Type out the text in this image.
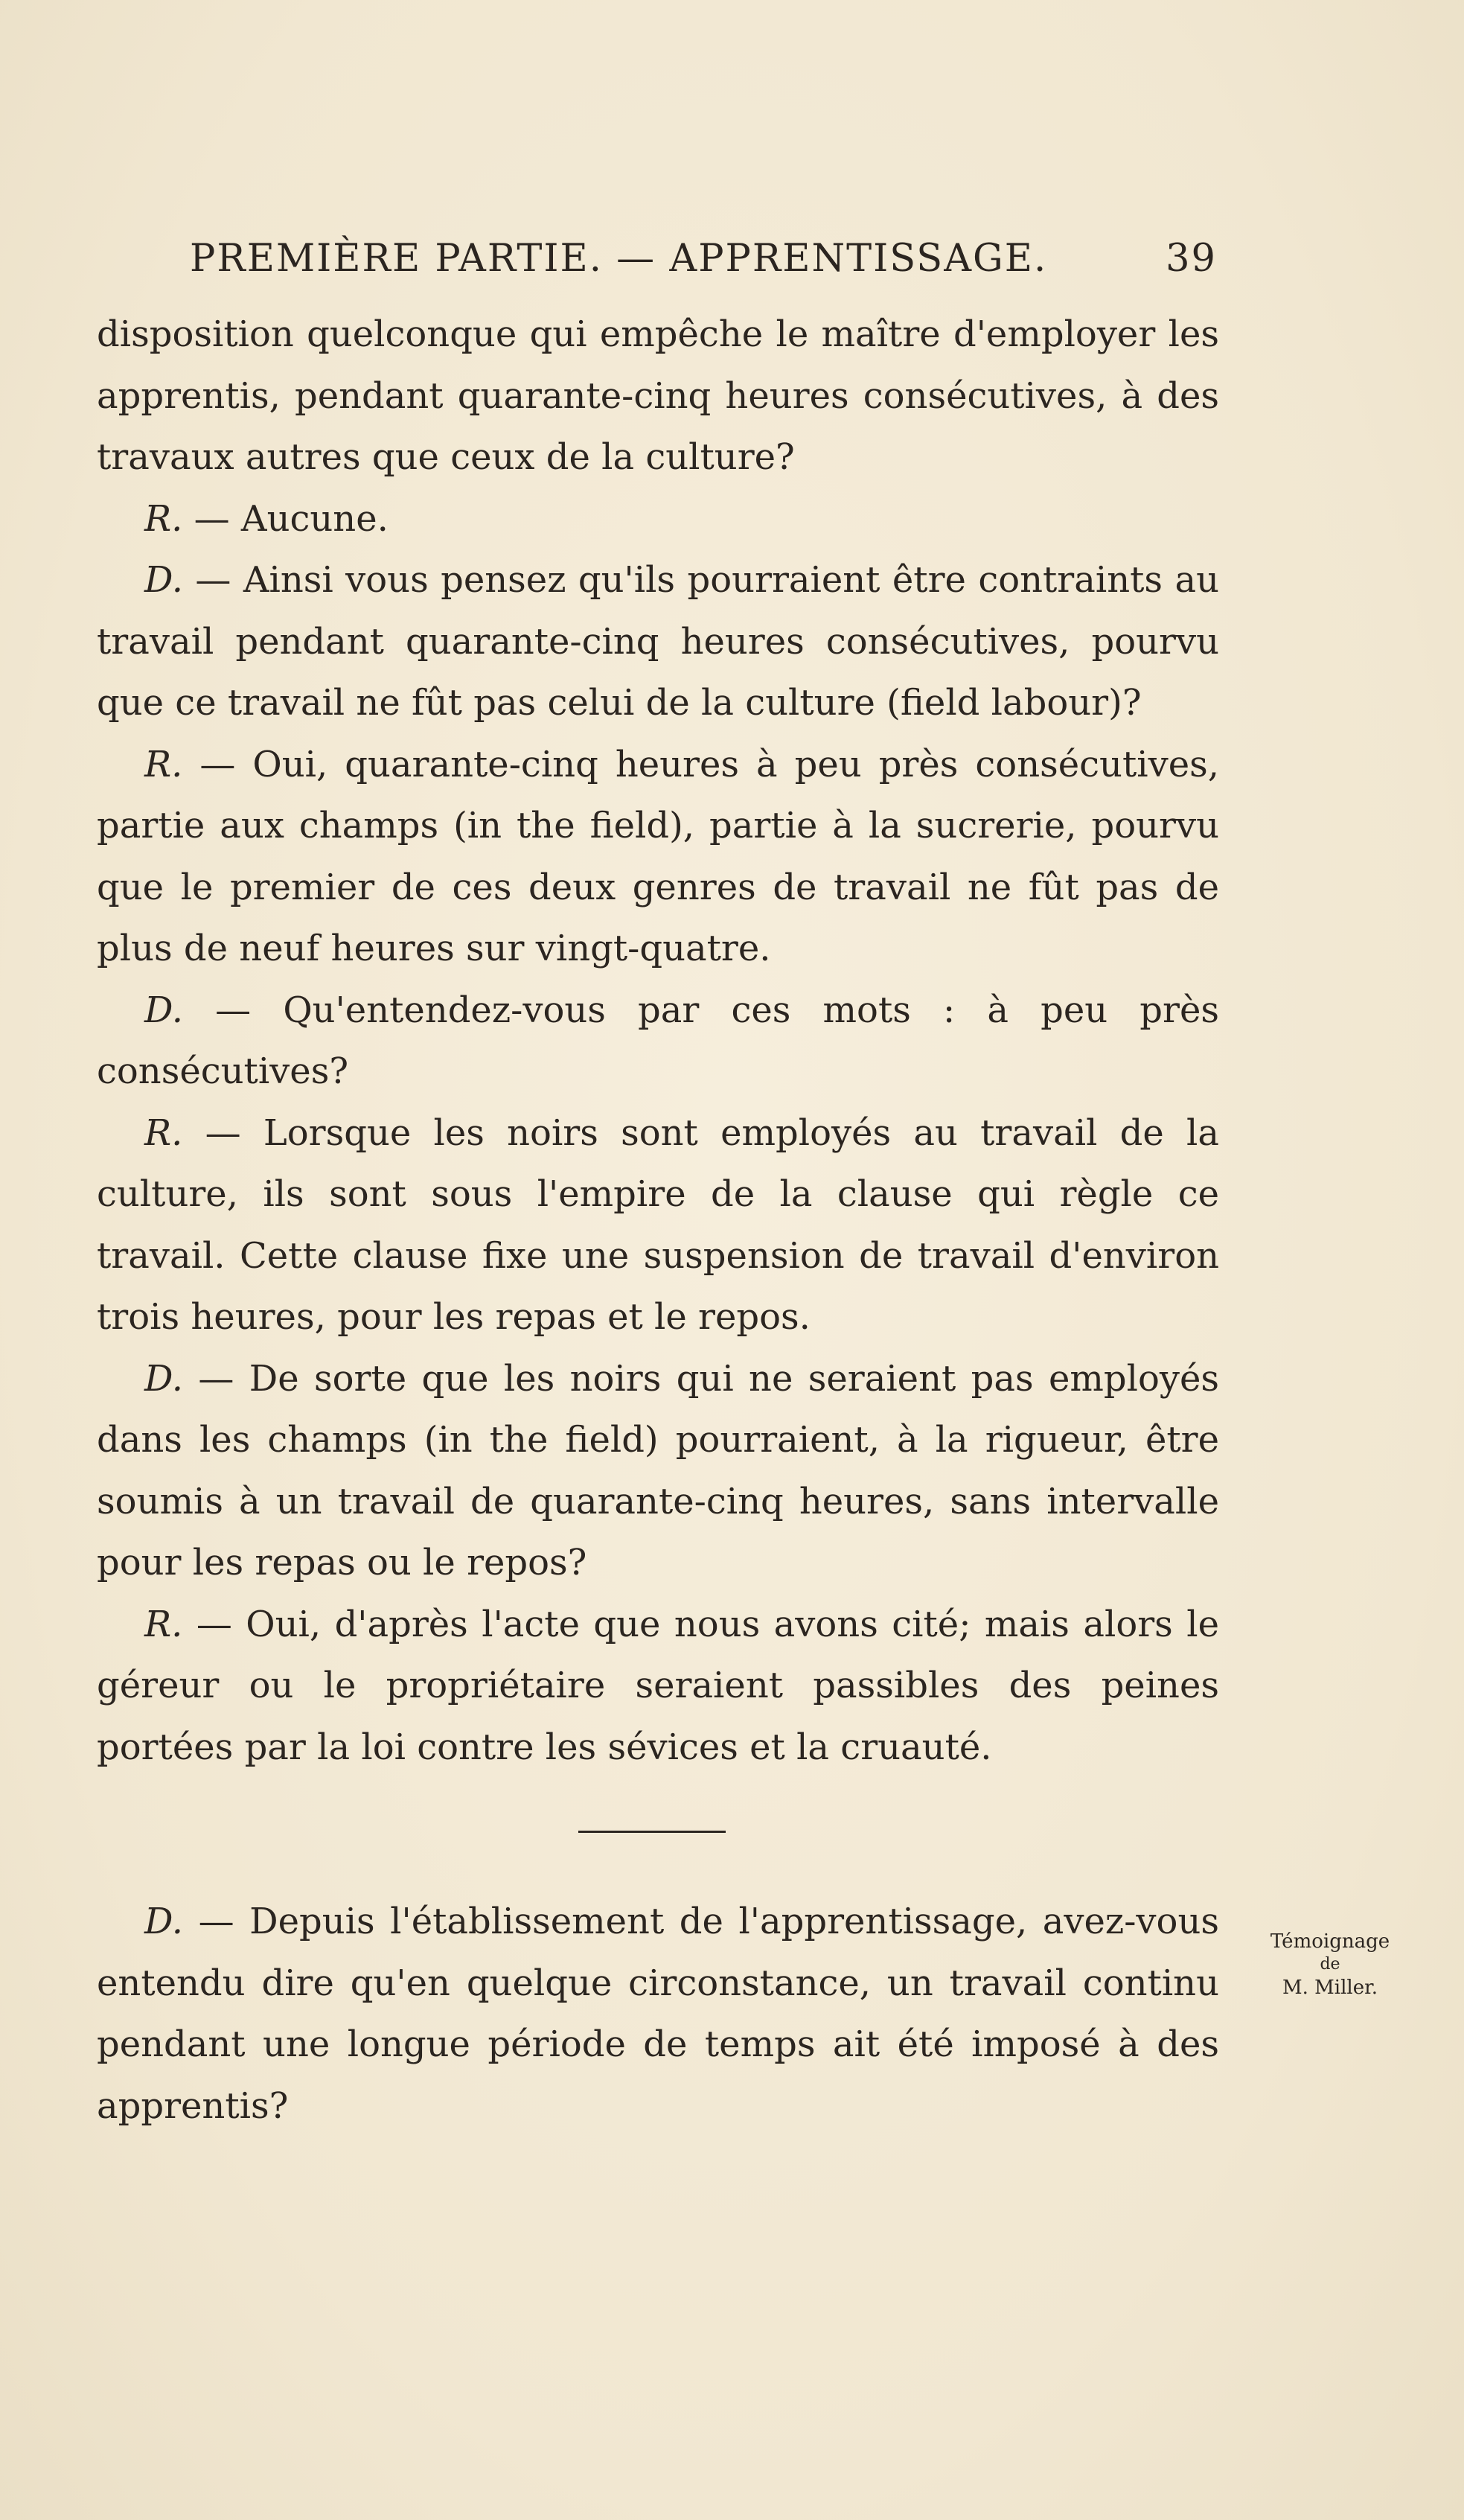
PREMIÈRE PARTIE. — APPRENTISSAGE.	39

disposition quelconque qui empêche le maître d'employer les apprentis, pendant quarante-cinq heures consécutives, à des travaux autres que ceux de la culture?

R. — Aucune.

D. — Ainsi vous pensez qu'ils pourraient être contraints au travail pendant quarante-cinq heures consécutives, pourvu que ce travail ne fût pas celui de la culture (field labour)?

R. — Oui, quarante-cinq heures à peu près consécutives, partie aux champs (in the field), partie à la sucrerie, pourvu que le premier de ces deux genres de travail ne fût pas de plus de neuf heures sur vingt-quatre.

D. — Qu'entendez-vous par ces mots : à peu près consécutives?

R. — Lorsque les noirs sont employés au travail de la culture, ils sont sous l'empire de la clause qui règle ce travail. Cette clause fixe une suspension de travail d'environ trois heures, pour les repas et le repos.

D. — De sorte que les noirs qui ne seraient pas employés dans les champs (in the field) pourraient, à la rigueur, être soumis à un travail de quarante-cinq heures, sans intervalle pour les repas ou le repos?

R. — Oui, d'après l'acte que nous avons cité; mais alors le géreur ou le propriétaire seraient passibles des peines portées par la loi contre les sévices et la cruauté.

D. — Depuis l'établissement de l'apprentissage, avez-vous entendu dire qu'en quelque circonstance, un travail continu pendant une longue période de temps ait été imposé à des apprentis?

Témoignage
de
M. Miller.
